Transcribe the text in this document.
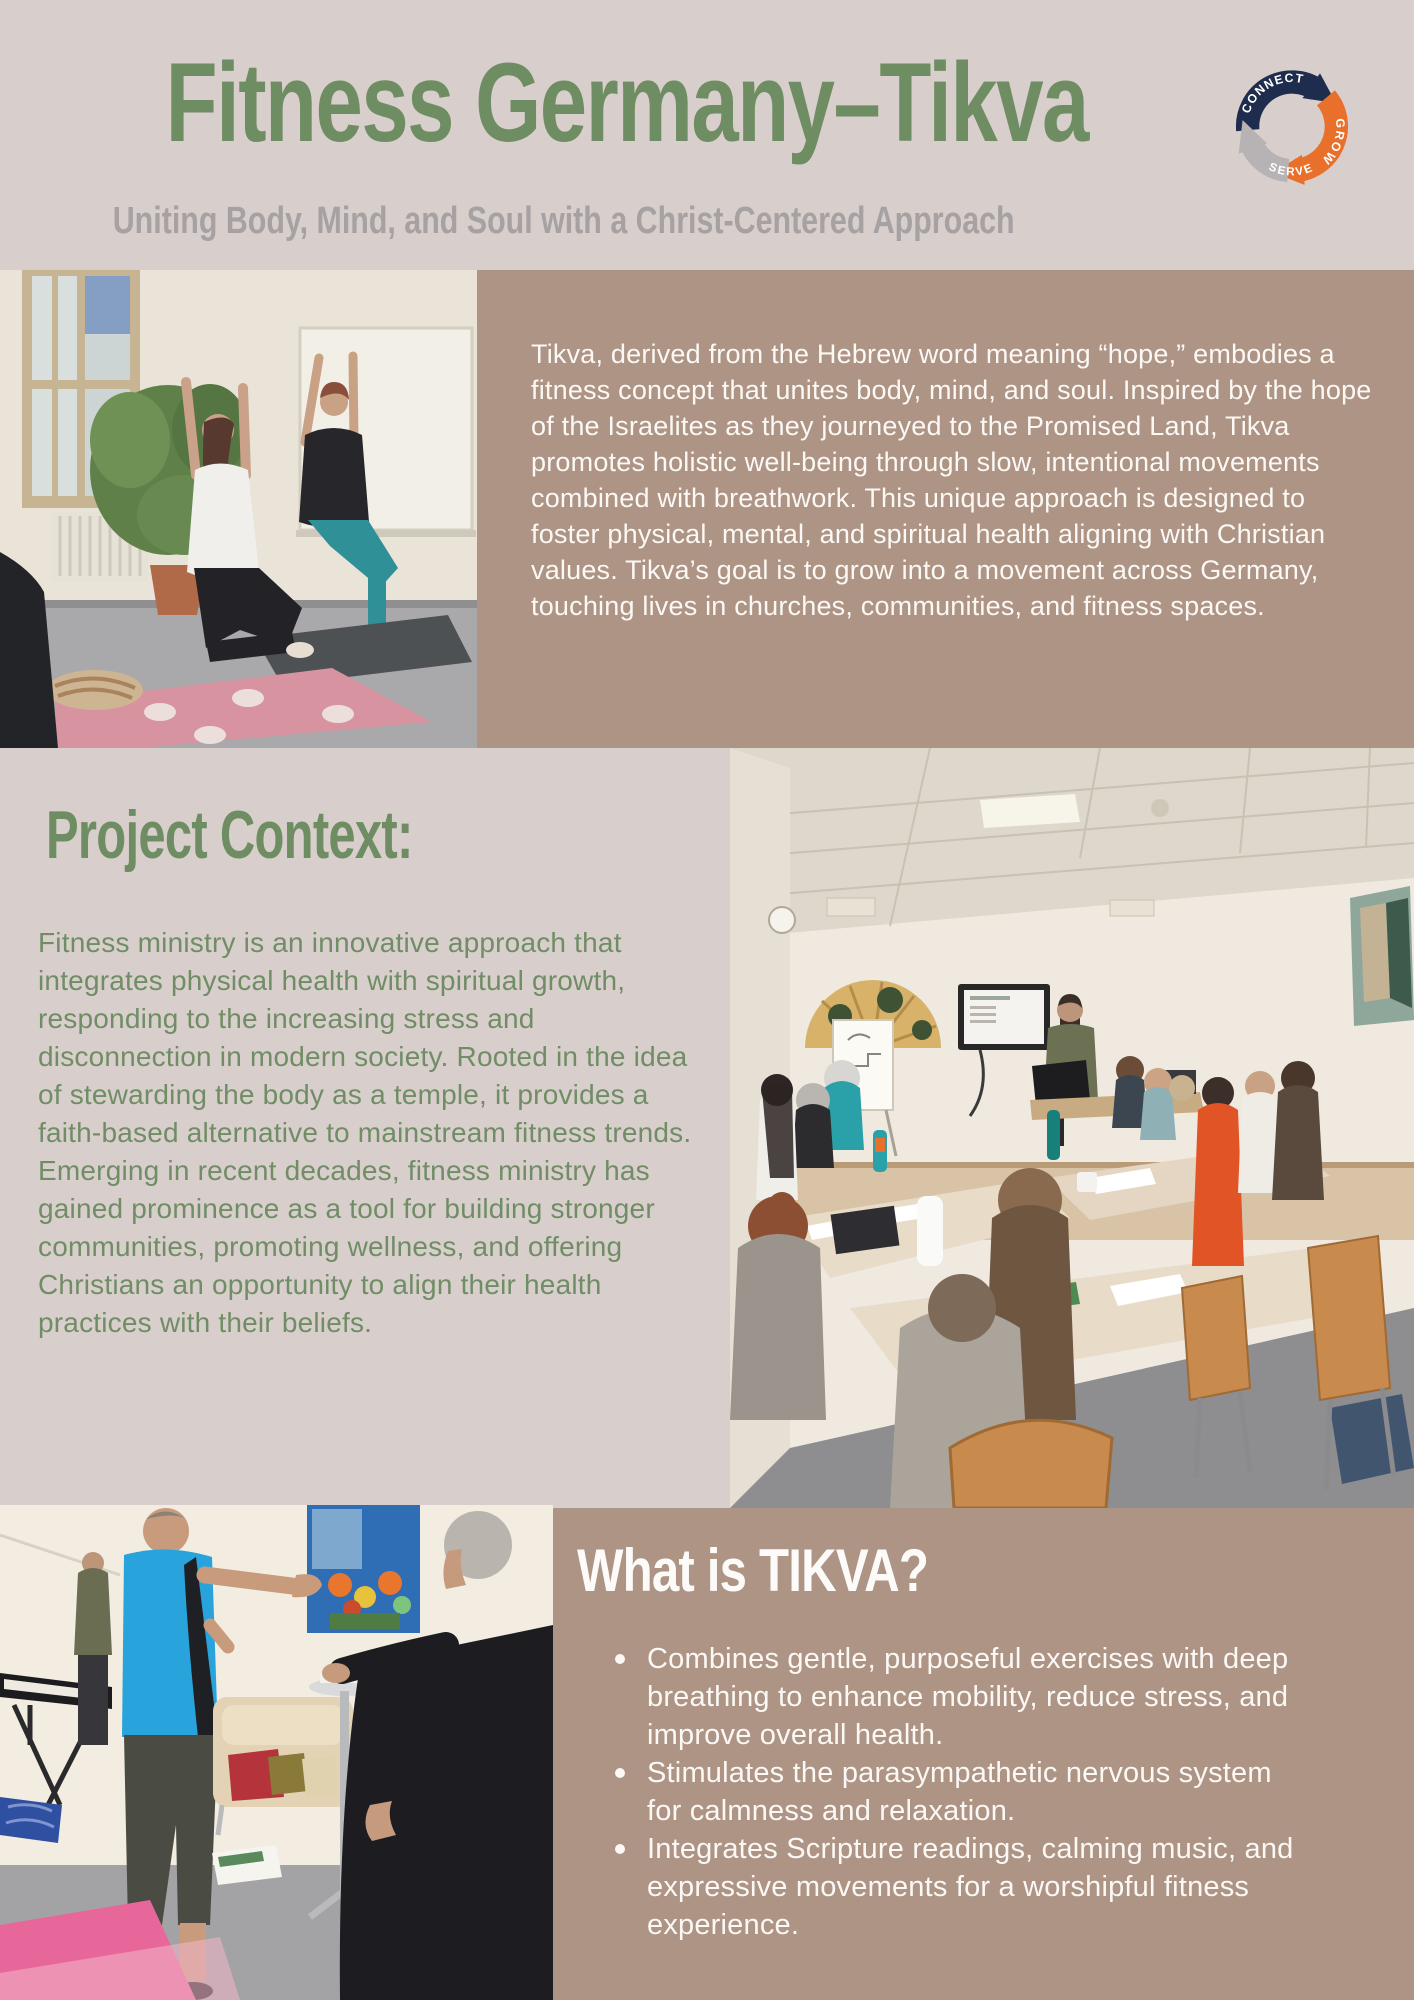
Fitness Germany–Tikva

Uniting Body, Mind, and Soul with a Christ-Centered Approach

CONNECT
GROW
SERVE

Tikva, derived from the Hebrew word meaning “hope,” embodies a fitness concept that unites body, mind, and soul. Inspired by the hope of the Israelites as they journeyed to the Promised Land, Tikva promotes holistic well-being through slow, intentional movements combined with breathwork. This unique approach is designed to foster physical, mental, and spiritual health aligning with Christian values. Tikva’s goal is to grow into a movement across Germany, touching lives in churches, communities, and fitness spaces.

Project Context:

Fitness ministry is an innovative approach that integrates physical health with spiritual growth, responding to the increasing stress and disconnection in modern society. Rooted in the idea of stewarding the body as a temple, it provides a faith-based alternative to mainstream fitness trends. Emerging in recent decades, fitness ministry has gained prominence as a tool for building stronger communities, promoting wellness, and offering Christians an opportunity to align their health practices with their beliefs.

What is TIKVA?
Combines gentle, purposeful exercises with deep breathing to enhance mobility, reduce stress, and improve overall health.
Stimulates the parasympathetic nervous system for calmness and relaxation.
Integrates Scripture readings, calming music, and expressive movements for a worshipful fitness experience.
